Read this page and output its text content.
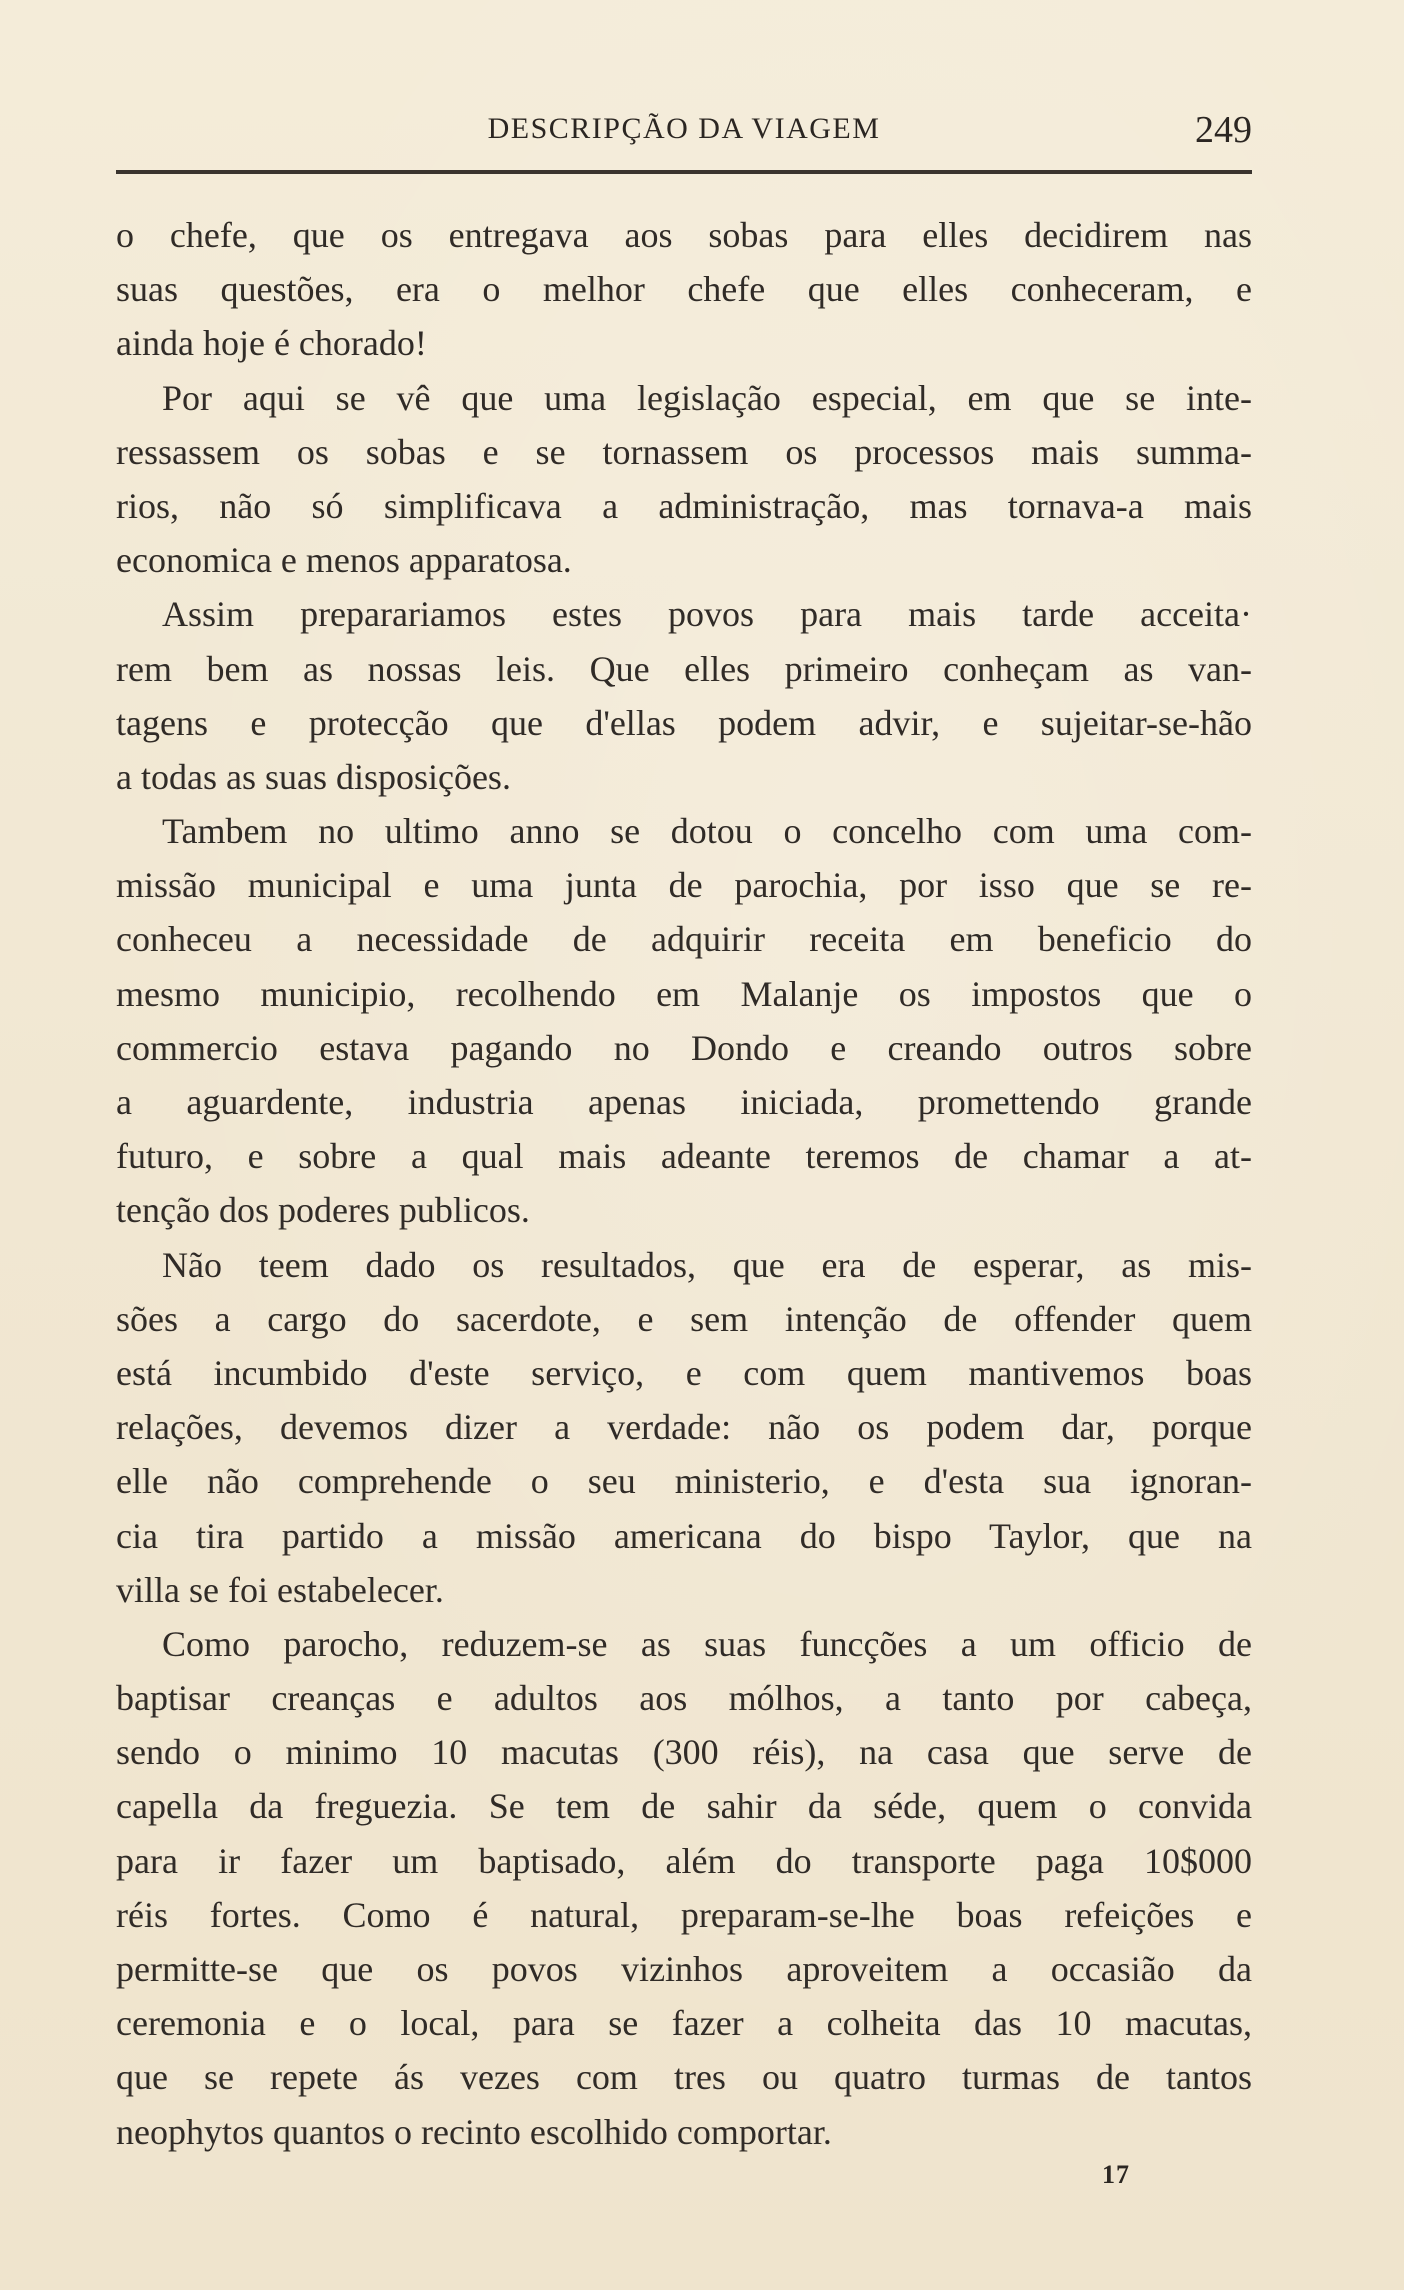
DESCRIPÇÃO DA VIAGEM	249
o chefe, que os entregava aos sobas para elles decidirem nas
suas questões, era o melhor chefe que elles conheceram, e
ainda hoje é chorado!
Por aqui se vê que uma legislação especial, em que se inte-
ressassem os sobas e se tornassem os processos mais summa-
rios, não só simplificava a administração, mas tornava-a mais
economica e menos apparatosa.
Assim preparariamos estes povos para mais tarde acceita·
rem bem as nossas leis. Que elles primeiro conheçam as van-
tagens e protecção que d'ellas podem advir, e sujeitar-se-hão
a todas as suas disposições.
Tambem no ultimo anno se dotou o concelho com uma com-
missão municipal e uma junta de parochia, por isso que se re-
conheceu a necessidade de adquirir receita em beneficio do
mesmo municipio, recolhendo em Malanje os impostos que o
commercio estava pagando no Dondo e creando outros sobre
a aguardente, industria apenas iniciada, promettendo grande
futuro, e sobre a qual mais adeante teremos de chamar a at-
tenção dos poderes publicos.
Não teem dado os resultados, que era de esperar, as mis-
sões a cargo do sacerdote, e sem intenção de offender quem
está incumbido d'este serviço, e com quem mantivemos boas
relações, devemos dizer a verdade: não os podem dar, porque
elle não comprehende o seu ministerio, e d'esta sua ignoran-
cia tira partido a missão americana do bispo Taylor, que na
villa se foi estabelecer.
Como parocho, reduzem-se as suas funcções a um officio de
baptisar creanças e adultos aos mólhos, a tanto por cabeça,
sendo o minimo 10 macutas (300 réis), na casa que serve de
capella da freguezia. Se tem de sahir da séde, quem o convida
para ir fazer um baptisado, além do transporte paga 10$000
réis fortes. Como é natural, preparam-se-lhe boas refeições e
permitte-se que os povos vizinhos aproveitem a occasião da
ceremonia e o local, para se fazer a colheita das 10 macutas,
que se repete ás vezes com tres ou quatro turmas de tantos
neophytos quantos o recinto escolhido comportar.
17
